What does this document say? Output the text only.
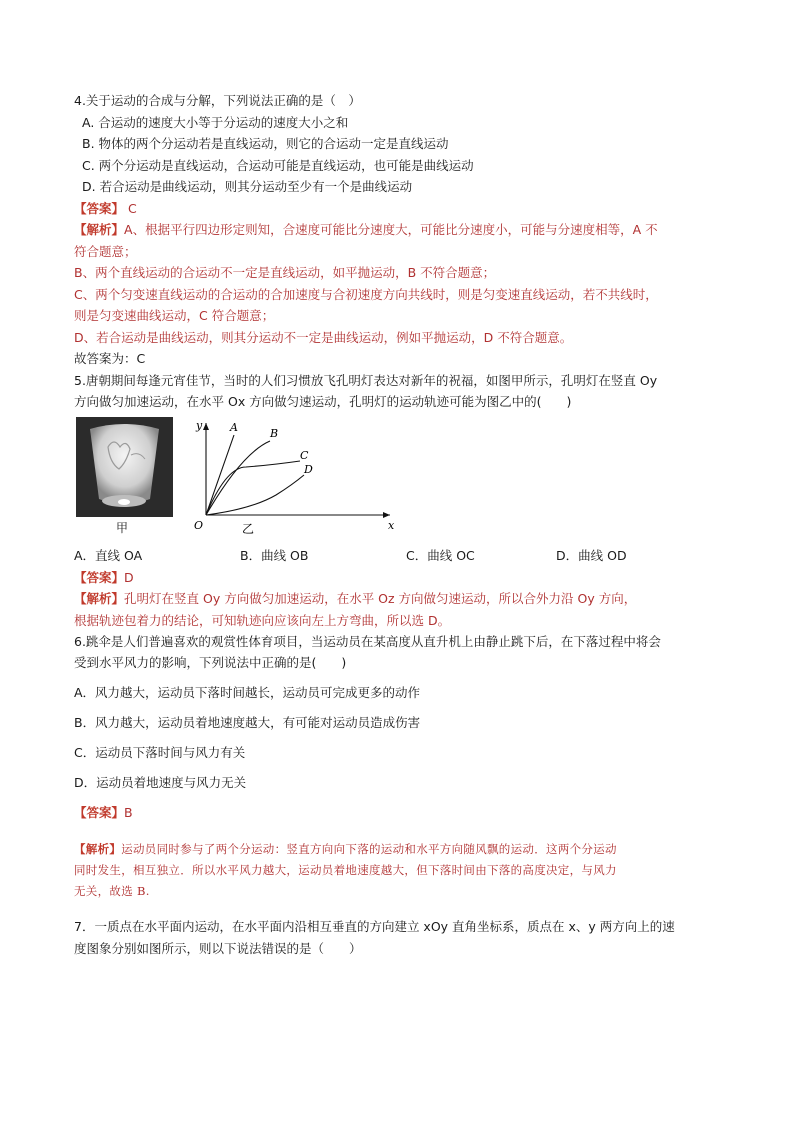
4.关于运动的合成与分解，下列说法正确的是（　）
A. 合运动的速度大小等于分运动的速度大小之和
B. 物体的两个分运动若是直线运动，则它的合运动一定是直线运动
C. 两个分运动是直线运动，合运动可能是直线运动，也可能是曲线运动
D. 若合运动是曲线运动，则其分运动至少有一个是曲线运动
【答案】 C
【解析】A、根据平行四边形定则知，合速度可能比分速度大，可能比分速度小，可能与分速度相等，A 不
符合题意；
B、两个直线运动的合运动不一定是直线运动，如平抛运动，B 不符合题意；
C、两个匀变速直线运动的合运动的合加速度与合初速度方向共线时，则是匀变速直线运动，若不共线时，
则是匀变速曲线运动，C 符合题意；
D、若合运动是曲线运动，则其分运动不一定是曲线运动，例如平抛运动，D 不符合题意。
故答案为：C
5.唐朝期间每逢元宵佳节，当时的人们习惯放飞孔明灯表达对新年的祝福，如图甲所示，孔明灯在竖直 Oy
方向做匀加速运动，在水平 Ox 方向做匀速运动，孔明灯的运动轨迹可能为图乙中的(　　)
甲
y
x
O
A	B
C
D
乙
A．直线 OA	B．曲线 OB	C．曲线 OC	D．曲线 OD
【答案】D
【解析】孔明灯在竖直 Oy 方向做匀加速运动，在水平 Oz 方向做匀速运动，所以合外力沿 Oy 方向，
根据轨迹包着力的结论，可知轨迹向应该向左上方弯曲，所以选 D。
6.跳伞是人们普遍喜欢的观赏性体育项目，当运动员在某高度从直升机上由静止跳下后，在下落过程中将会
受到水平风力的影响，下列说法中正确的是(　　)
A．风力越大，运动员下落时间越长，运动员可完成更多的动作
B．风力越大，运动员着地速度越大，有可能对运动员造成伤害
C．运动员下落时间与风力有关
D．运动员着地速度与风力无关
【答案】B
【解析】运动员同时参与了两个分运动：竖直方向向下落的运动和水平方向随风飘的运动．这两个分运动
同时发生，相互独立．所以水平风力越大，运动员着地速度越大，但下落时间由下落的高度决定，与风力
无关，故选 B.
7．一质点在水平面内运动，在水平面内沿相互垂直的方向建立 xOy 直角坐标系，质点在 x、y 两方向上的速
度图象分别如图所示，则以下说法错误的是（　　）
